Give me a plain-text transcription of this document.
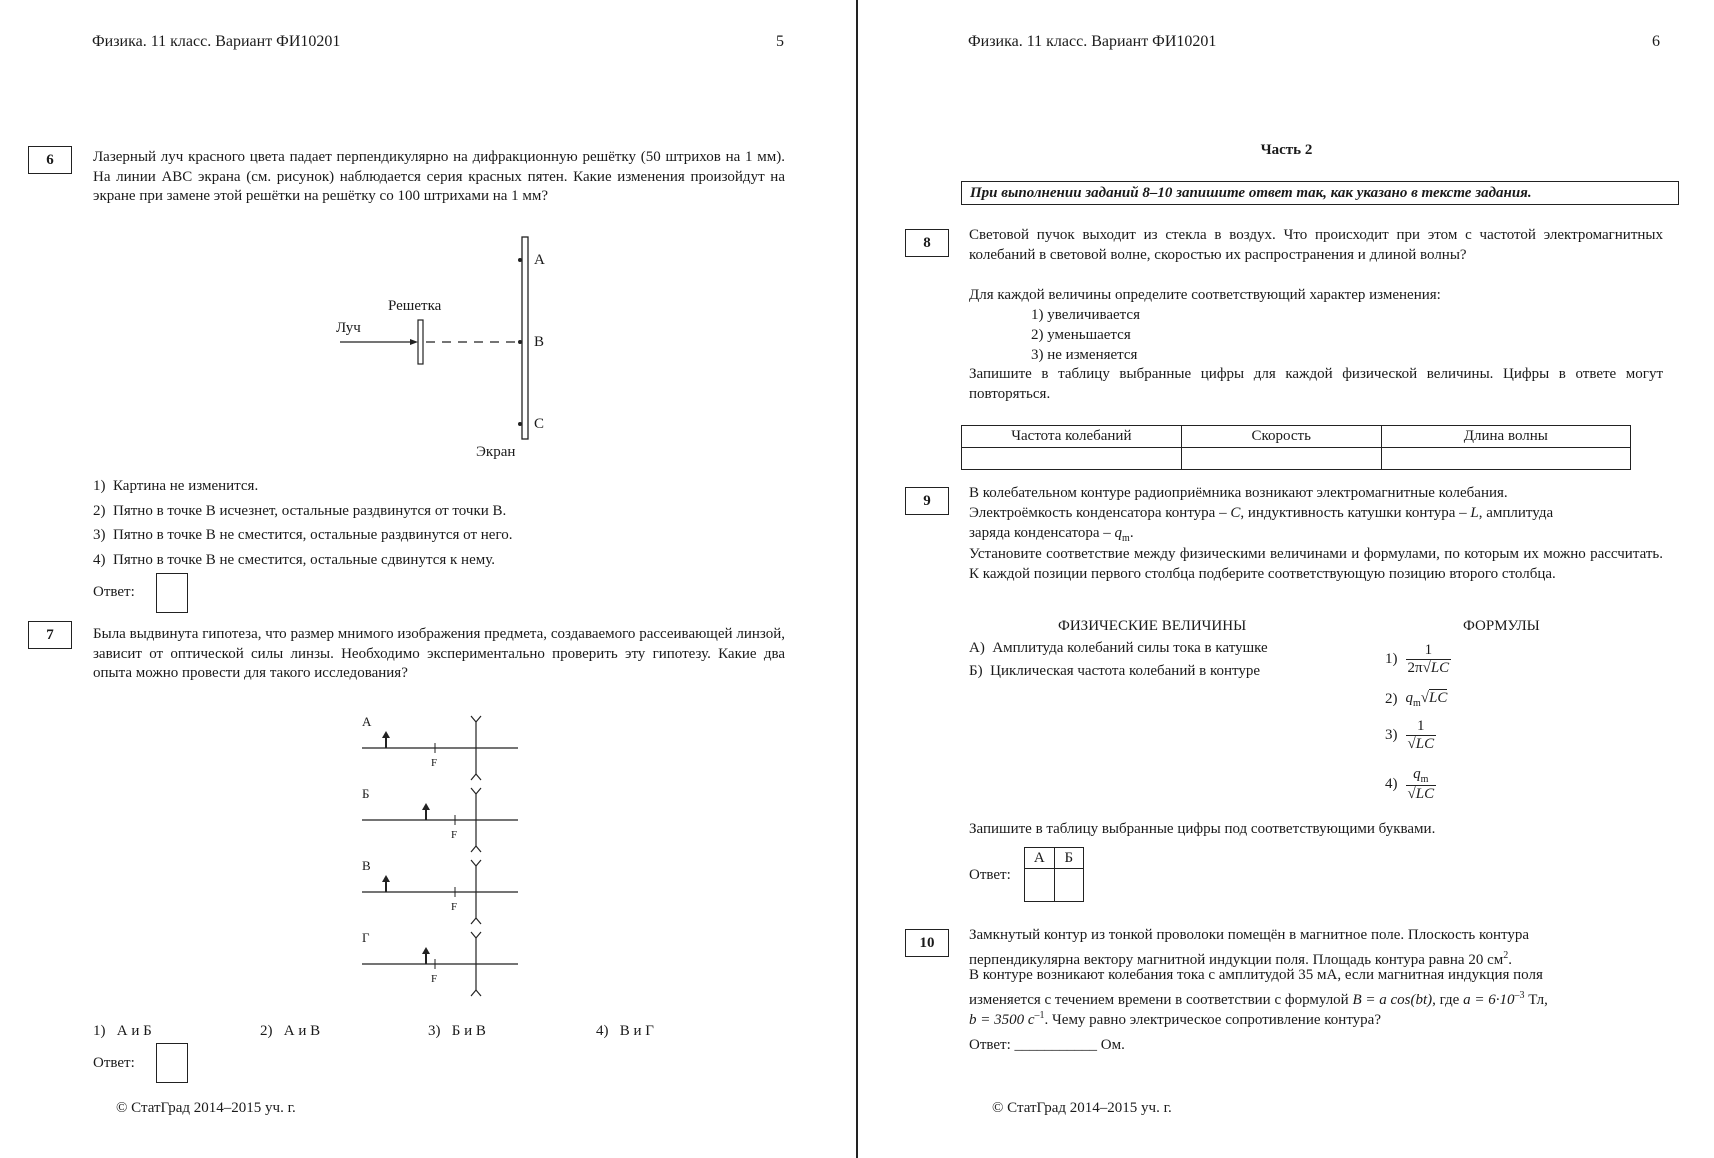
Физика. 11 класс. Вариант ФИ10201	5
6	Лазерный луч красного цвета падает перпендикулярно на дифракционную решётку (50 штрихов на 1 мм). На линии АВС экрана (см. рисунок) наблюдается серия красных пятен. Какие изменения произойдут на экране при замене этой решётки на решётку со 100 штрихами на 1 мм?
A
B
C
Луч
Решетка
Экран
1) Картина не изменится.
2) Пятно в точке В исчезнет, остальные раздвинутся от точки В.
3) Пятно в точке В не сместится, остальные раздвинутся от него.
4) Пятно в точке В не сместится, остальные сдвинутся к нему.
Ответ:
7	Была выдвинута гипотеза, что размер мнимого изображения предмета, создаваемого рассеивающей линзой, зависит от оптической силы линзы. Необходимо экспериментально проверить эту гипотезу. Какие два опыта можно провести для такого исследования?
А
F
Б
F
В
F
Г
F
1) А и Б	2) А и В	3) Б и В	4) В и Г
Ответ:
© СтатГрад 2014–2015 уч. г.
Физика. 11 класс. Вариант ФИ10201	6
Часть 2
При выполнении заданий 8–10 запишите ответ так, как указано в тексте задания.
8	Световой пучок выходит из стекла в воздух. Что происходит при этом с частотой электромагнитных колебаний в световой волне, скоростью их распространения и длиной волны?
Для каждой величины определите соответствующий характер изменения:
1) увеличивается
2) уменьшается
3) не изменяется
Запишите в таблицу выбранные цифры для каждой физической величины. Цифры в ответе могут повторяться.
Частота колебаний	Скорость	Длина волны

9	В колебательном контуре радиоприёмника возникают электромагнитные колебания.
Электроёмкость конденсатора контура – C, индуктивность катушки контура – L, амплитуда
заряда конденсатора – $q_m$.
Установите соответствие между физическими величинами и формулами, по которым их можно рассчитать. К каждой позиции первого столбца подберите соответствующую позицию второго столбца.
ФИЗИЧЕСКИЕ ВЕЛИЧИНЫ	ФОРМУЛЫ
А) Амплитуда колебаний силы тока в катушке
Б) Циклическая частота колебаний в контуре
$1) \frac{1}{2\pi√LC}$
2) $q_m√LC$
$3) \frac{1}{√LC}$
$4) \frac{q_m}{√LC}$
Запишите в таблицу выбранные цифры под соответствующими буквами.
Ответ:
А	Б

10	Замкнутый контур из тонкой проволоки помещён в магнитное поле. Плоскость контура
перпендикулярна вектору магнитной индукции поля. Площадь контура равна 20 $см^2$.
В контуре возникают колебания тока с амплитудой 35 мА, если магнитная индукция поля
изменяется с течением времени в соответствии с формулой B = a cos(bt), где $a = 6\cdot 10^{-3}$ Тл,
b = 3500 $с^{-1}$. Чему равно электрическое сопротивление контура?
Ответ: ___________ Ом.
© СтатГрад 2014–2015 уч. г.
